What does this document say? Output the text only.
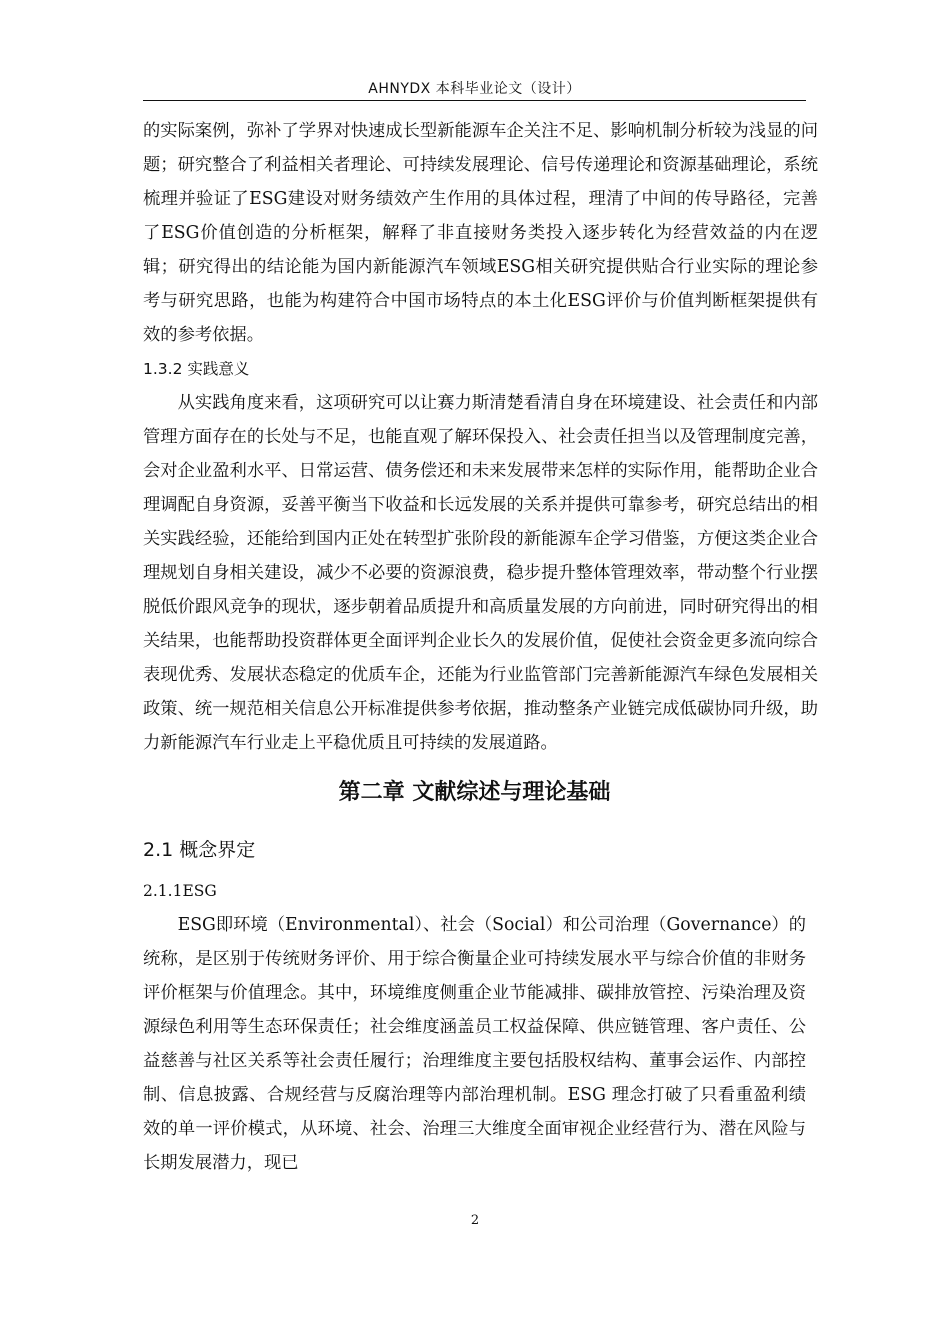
AHNYDX 本科毕业论文（设计）

的实际案例，弥补了学界对快速成长型新能源车企关注不足、影响机制分析较为浅显的问题；研究整合了利益相关者理论、可持续发展理论、信号传递理论和资源基础理论，系统梳理并验证了ESG建设对财务绩效产生作用的具体过程，理清了中间的传导路径，完善了ESG价值创造的分析框架，解释了非直接财务类投入逐步转化为经营效益的内在逻辑；研究得出的结论能为国内新能源汽车领域ESG相关研究提供贴合行业实际的理论参考与研究思路，也能为构建符合中国市场特点的本土化ESG评价与价值判断框架提供有效的参考依据。

1.3.2 实践意义

从实践角度来看，这项研究可以让赛力斯清楚看清自身在环境建设、社会责任和内部管理方面存在的长处与不足，也能直观了解环保投入、社会责任担当以及管理制度完善，会对企业盈利水平、日常运营、债务偿还和未来发展带来怎样的实际作用，能帮助企业合理调配自身资源，妥善平衡当下收益和长远发展的关系并提供可靠参考，研究总结出的相关实践经验，还能给到国内正处在转型扩张阶段的新能源车企学习借鉴，方便这类企业合理规划自身相关建设，减少不必要的资源浪费，稳步提升整体管理效率，带动整个行业摆脱低价跟风竞争的现状，逐步朝着品质提升和高质量发展的方向前进，同时研究得出的相关结果，也能帮助投资群体更全面评判企业长久的发展价值，促使社会资金更多流向综合表现优秀、发展状态稳定的优质车企，还能为行业监管部门完善新能源汽车绿色发展相关政策、统一规范相关信息公开标准提供参考依据，推动整条产业链完成低碳协同升级，助力新能源汽车行业走上平稳优质且可持续的发展道路。

第二章 文献综述与理论基础
2.1 概念界定
2.1.1ESG

ESG即环境（Environmental）、社会（Social）和公司治理（Governance）的统称，是区别于传统财务评价、用于综合衡量企业可持续发展水平与综合价值的非财务评价框架与价值理念。其中，环境维度侧重企业节能减排、碳排放管控、污染治理及资源绿色利用等生态环保责任；社会维度涵盖员工权益保障、供应链管理、客户责任、公益慈善与社区关系等社会责任履行；治理维度主要包括股权结构、董事会运作、内部控制、信息披露、合规经营与反腐治理等内部治理机制。ESG 理念打破了只看重盈利绩效的单一评价模式，从环境、社会、治理三大维度全面审视企业经营行为、潜在风险与长期发展潜力，现已

2
